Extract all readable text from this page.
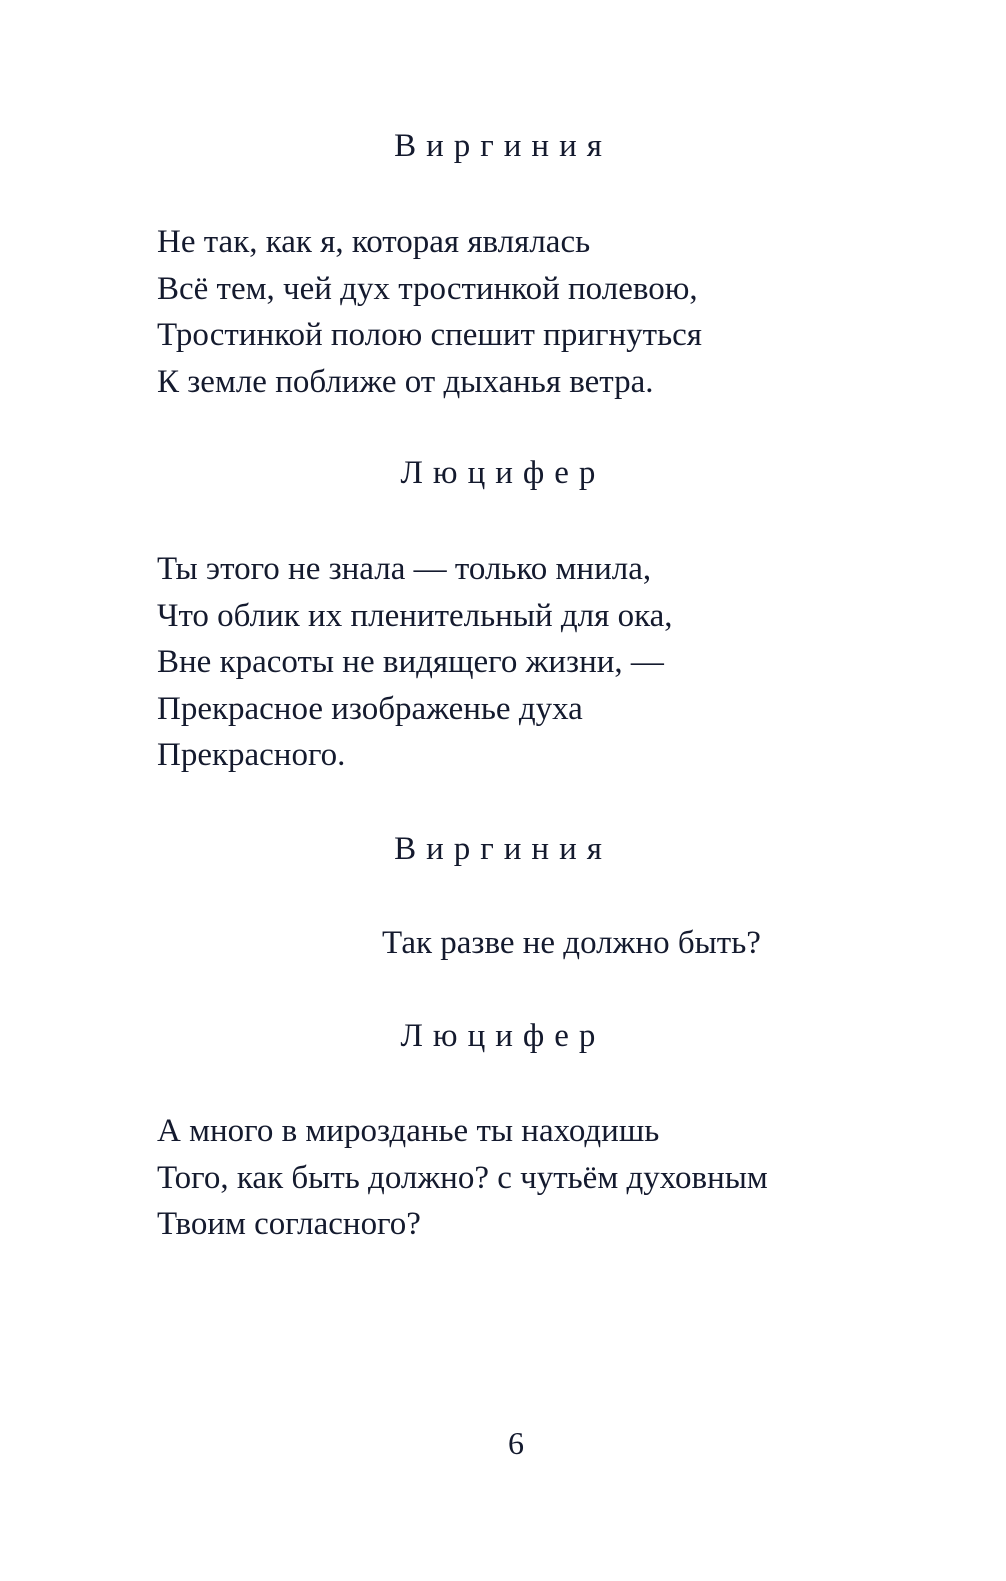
Виргиния
Не так, как я, которая являлась
Всё тем, чей дух тростинкой полевою,
Тростинкой полою спешит пригнуться
К земле поближе от дыханья ветра.
Люцифер
Ты этого не знала — только мнила,
Что облик их пленительный для ока,
Вне красоты не видящего жизни, —
Прекрасное изображенье духа
Прекрасного.
Виргиния
Так разве не должно быть?
Люцифер
А много в мирозданье ты находишь
Того, как быть должно? с чутьём духовным
Твоим согласного?
6
